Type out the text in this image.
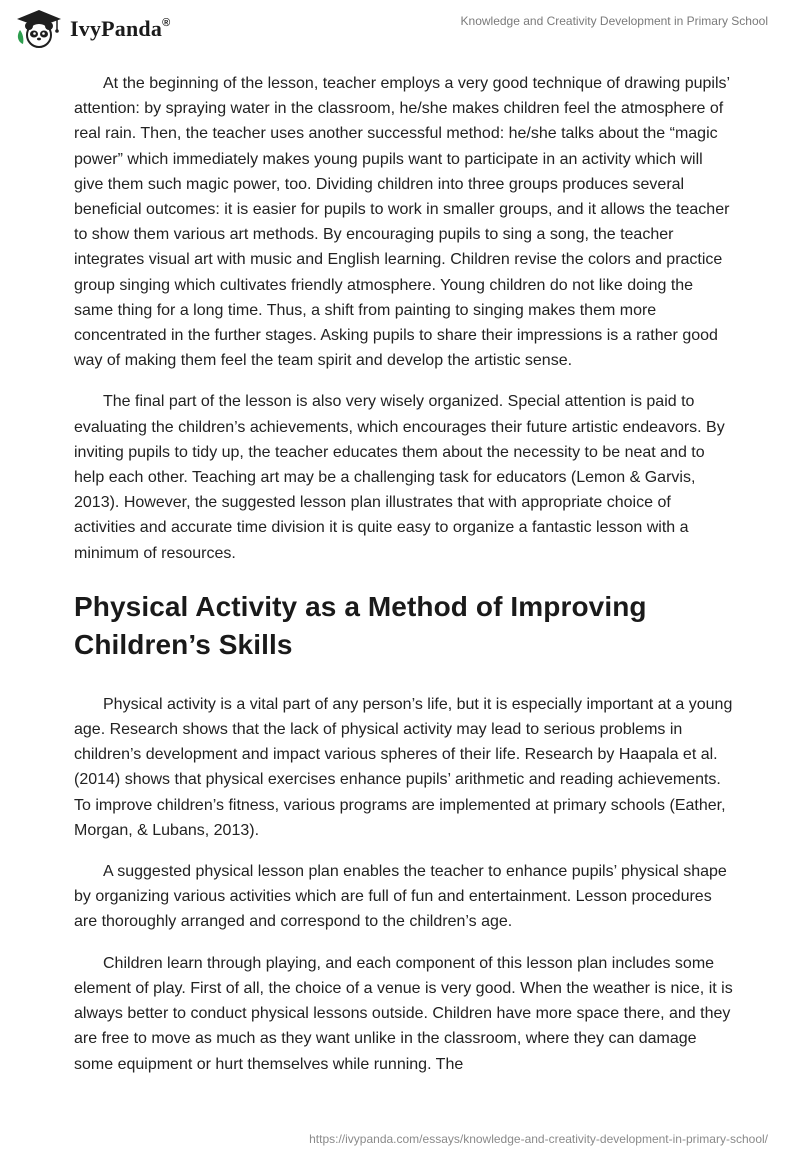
IvyPanda®	Knowledge and Creativity Development in Primary School

At the beginning of the lesson, teacher employs a very good technique of drawing pupils’ attention: by spraying water in the classroom, he/she makes children feel the atmosphere of real rain. Then, the teacher uses another successful method: he/she talks about the “magic power” which immediately makes young pupils want to participate in an activity which will give them such magic power, too. Dividing children into three groups produces several beneficial outcomes: it is easier for pupils to work in smaller groups, and it allows the teacher to show them various art methods. By encouraging pupils to sing a song, the teacher integrates visual art with music and English learning. Children revise the colors and practice group singing which cultivates friendly atmosphere. Young children do not like doing the same thing for a long time. Thus, a shift from painting to singing makes them more concentrated in the further stages. Asking pupils to share their impressions is a rather good way of making them feel the team spirit and develop the artistic sense.

The final part of the lesson is also very wisely organized. Special attention is paid to evaluating the children’s achievements, which encourages their future artistic endeavors. By inviting pupils to tidy up, the teacher educates them about the necessity to be neat and to help each other. Teaching art may be a challenging task for educators (Lemon & Garvis, 2013). However, the suggested lesson plan illustrates that with appropriate choice of activities and accurate time division it is quite easy to organize a fantastic lesson with a minimum of resources.

Physical Activity as a Method of Improving Children’s Skills

Physical activity is a vital part of any person’s life, but it is especially important at a young age. Research shows that the lack of physical activity may lead to serious problems in children’s development and impact various spheres of their life. Research by Haapala et al. (2014) shows that physical exercises enhance pupils’ arithmetic and reading achievements. To improve children’s fitness, various programs are implemented at primary schools (Eather, Morgan, & Lubans, 2013).

A suggested physical lesson plan enables the teacher to enhance pupils’ physical shape by organizing various activities which are full of fun and entertainment. Lesson procedures are thoroughly arranged and correspond to the children’s age.

Children learn through playing, and each component of this lesson plan includes some element of play. First of all, the choice of a venue is very good. When the weather is nice, it is always better to conduct physical lessons outside. Children have more space there, and they are free to move as much as they want unlike in the classroom, where they can damage some equipment or hurt themselves while running. The

https://ivypanda.com/essays/knowledge-and-creativity-development-in-primary-school/
